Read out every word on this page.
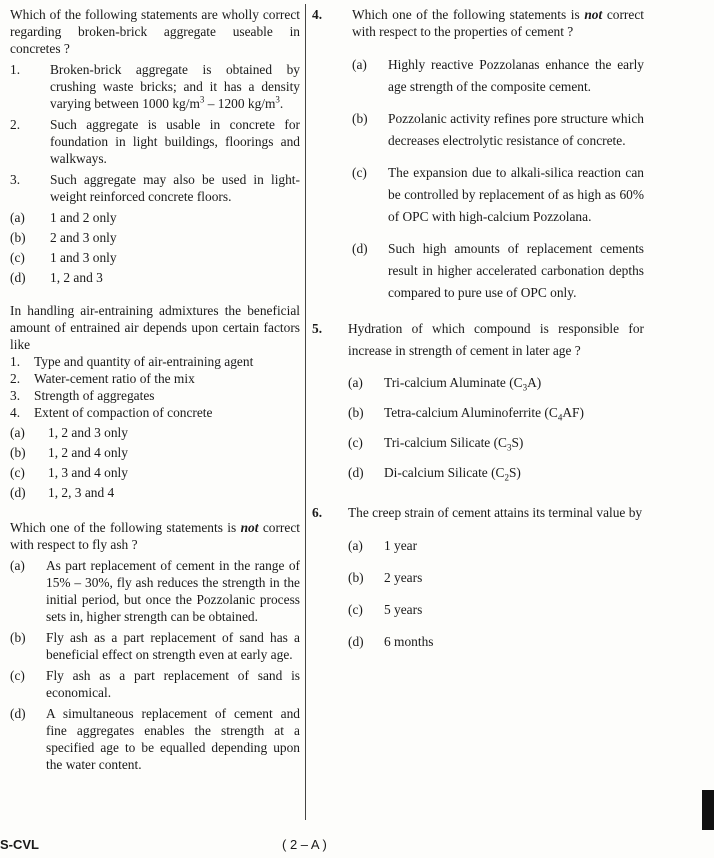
Which of the following statements are wholly correct regarding broken-brick aggregate useable in concretes ?
1. Broken-brick aggregate is obtained by crushing waste bricks; and it has a density varying between 1000 $kg/m^3 - 1200$ $kg/m^3$.
2. Such aggregate is usable in concrete for foundation in light buildings, floorings and walkways.
3. Such aggregate may also be used in light-weight reinforced concrete floors.
(a) 1 and 2 only
(b) 2 and 3 only
(c) 1 and 3 only
(d) 1, 2 and 3
In handling air-entraining admixtures the beneficial amount of entrained air depends upon certain factors like
1. Type and quantity of air-entraining agent
2. Water-cement ratio of the mix
3. Strength of aggregates
4. Extent of compaction of concrete
(a) 1, 2 and 3 only
(b) 1, 2 and 4 only
(c) 1, 3 and 4 only
(d) 1, 2, 3 and 4
Which one of the following statements is not correct with respect to fly ash ?
(a) As part replacement of cement in the range of 15% – 30%, fly ash reduces the strength in the initial period, but once the Pozzolanic process sets in, higher strength can be obtained.
(b) Fly ash as a part replacement of sand has a beneficial effect on strength even at early age.
(c) Fly ash as a part replacement of sand is economical.
(d) A simultaneous replacement of cement and fine aggregates enables the strength at a specified age to be equalled depending upon the water content.
4.	Which one of the following statements is not correct with respect to the properties of cement ?
(a) Highly reactive Pozzolanas enhance the early age strength of the composite cement.
(b) Pozzolanic activity refines pore structure which decreases electrolytic resistance of concrete.
(c) The expansion due to alkali-silica reaction can be controlled by replacement of as high as 60% of OPC with high-calcium Pozzolana.
(d) Such high amounts of replacement cements result in higher accelerated carbonation depths compared to pure use of OPC only.
5.	Hydration of which compound is responsible for increase in strength of cement in later age ?
(a) Tri-calcium Aluminate $(C_3A)$
(b) Tetra-calcium Aluminoferrite $(C_4AF)$
(c) Tri-calcium Silicate $(C_3S)$
(d) Di-calcium Silicate $(C_2S)$
6.	The creep strain of cement attains its terminal value by
(a) 1 year
(b) 2 years
(c) 5 years
(d) 6 months
S-CVL	( 2 – A )
